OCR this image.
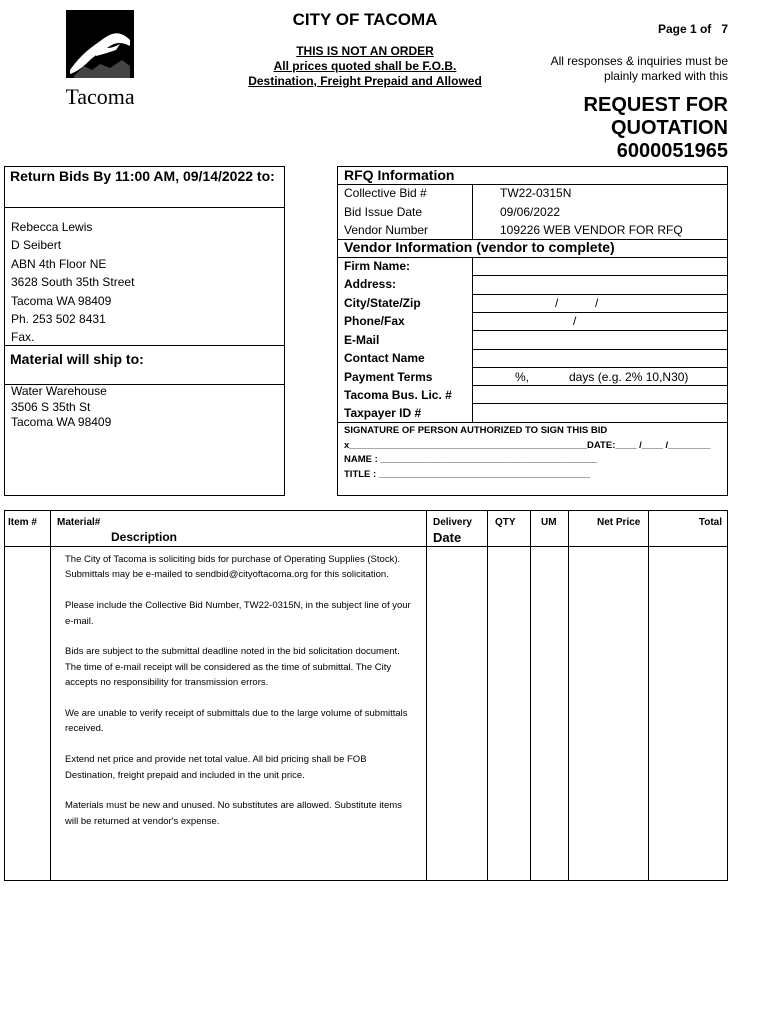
Tacoma
CITY OF TACOMA
THIS IS NOT AN ORDER
All prices quoted shall be F.O.B.
Destination, Freight Prepaid and Allowed
Page 1 of 7
All responses & inquiries must be
plainly marked with this
REQUEST FOR
QUOTATION
6000051965
Return Bids By 11:00 AM, 09/14/2022 to:
Rebecca Lewis
D Seibert
ABN 4th Floor NE
3628 South 35th Street
Tacoma WA 98409
Ph. 253 502 8431
Fax.
Material will ship to:
Water Warehouse
3506 S 35th St
Tacoma WA 98409
RFQ Information
Collective Bid #	TW22-0315N
Bid Issue Date	09/06/2022
Vendor Number	109226 WEB VENDOR FOR RFQ
Vendor Information (vendor to complete)
Firm Name:
Address:
City/State/Zip	/           /
Phone/Fax	/
E-Mail
Contact Name
Payment Terms	%,            days (e.g. 2% 10,N30)
Tacoma Bus. Lic. #
Taxpayer ID #
SIGNATURE OF PERSON AUTHORIZED TO SIGN THIS BID
x_____________________________________________DATE:____ /____ /________
NAME : _________________________________________
TITLE : ________________________________________
Item # Material#
Description
Delivery
Date
QTY	UM	Net Price	Total

The City of Tacoma is soliciting bids for purchase of Operating Supplies (Stock).
Submittals may be e-mailed to sendbid@cityoftacoma.org for this solicitation.

Please include the Collective Bid Number, TW22-0315N, in the subject line of your e-mail.

Bids are subject to the submittal deadline noted in the bid solicitation document. The time of e-mail receipt will be considered as the time of submittal. The City accepts no responsibility for transmission errors.

We are unable to verify receipt of submittals due to the large volume of submittals received.

Extend net price and provide net total value. All bid pricing shall be FOB Destination, freight prepaid and included in the unit price.

Materials must be new and unused. No substitutes are allowed. Substitute items will be returned at vendor's expense.
